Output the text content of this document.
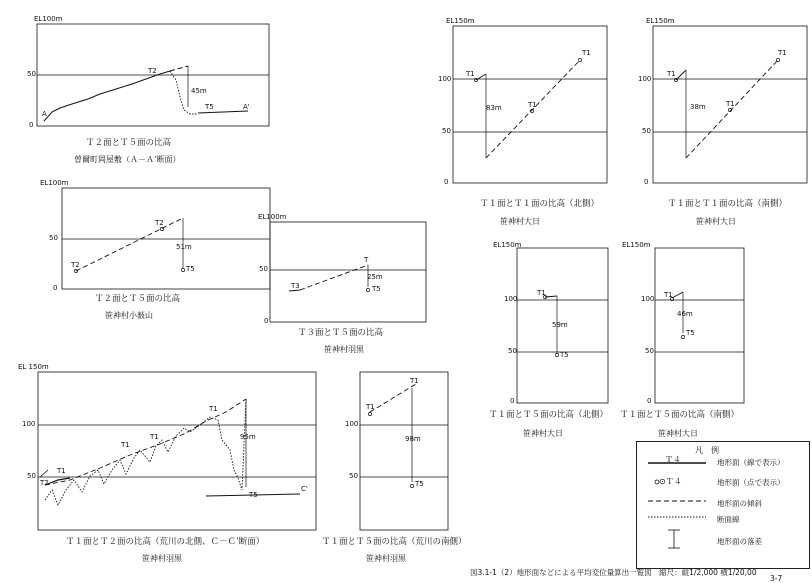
EL100m
50
0
A
T2
45m
T5	A'
Ｔ２面とＴ５面の比高
曽爾町岡屋敷（Ａ－Ａ’断面）
EL150m
100
50
0
T1
T1
83m	T1
Ｔ１面とＴ１面の比高（北側）
笹神村大日
EL150m
100
50
0
T1
T1
38m	T1
Ｔ１面とＴ１面の比高（南側）
笹神村大日
EL100m
50
0
T2
T2
51m
T5
Ｔ２面とＴ５面の比高
笹神村小薮山
EL100m
50
0
T3
T
25m
T5
Ｔ３面とＴ５面の比高
笹神村羽黒
EL150m
100
50
0
T1
59m
T5
Ｔ１面とＴ５面の比高（北側）
笹神村大日
EL150m
100
50
0
T1
46m
T5
Ｔ１面とＴ５面の比高（南側）
笹神村大日
EL 150m
100
50
T1
T1
T1
T1
T2
95m
T5
C'
Ｔ１面とＴ２面の比高（荒川の北側、Ｃ－Ｃ’断面）
笹神村羽黒
100
50
T1
T1
98m
T5
Ｔ１面とＴ５面の比高（荒川の南側）
笹神村羽黒
凡　例
Ｔ４	地形面（線で表示）
⊙Ｔ４	地形面（点で表示）
地形面の傾斜
断面線
地形面の落差
図3.1-1（2）地形面などによる平均変位量算出一覧図　縮尺：縦1/2,000 横1/20,00
3-7
